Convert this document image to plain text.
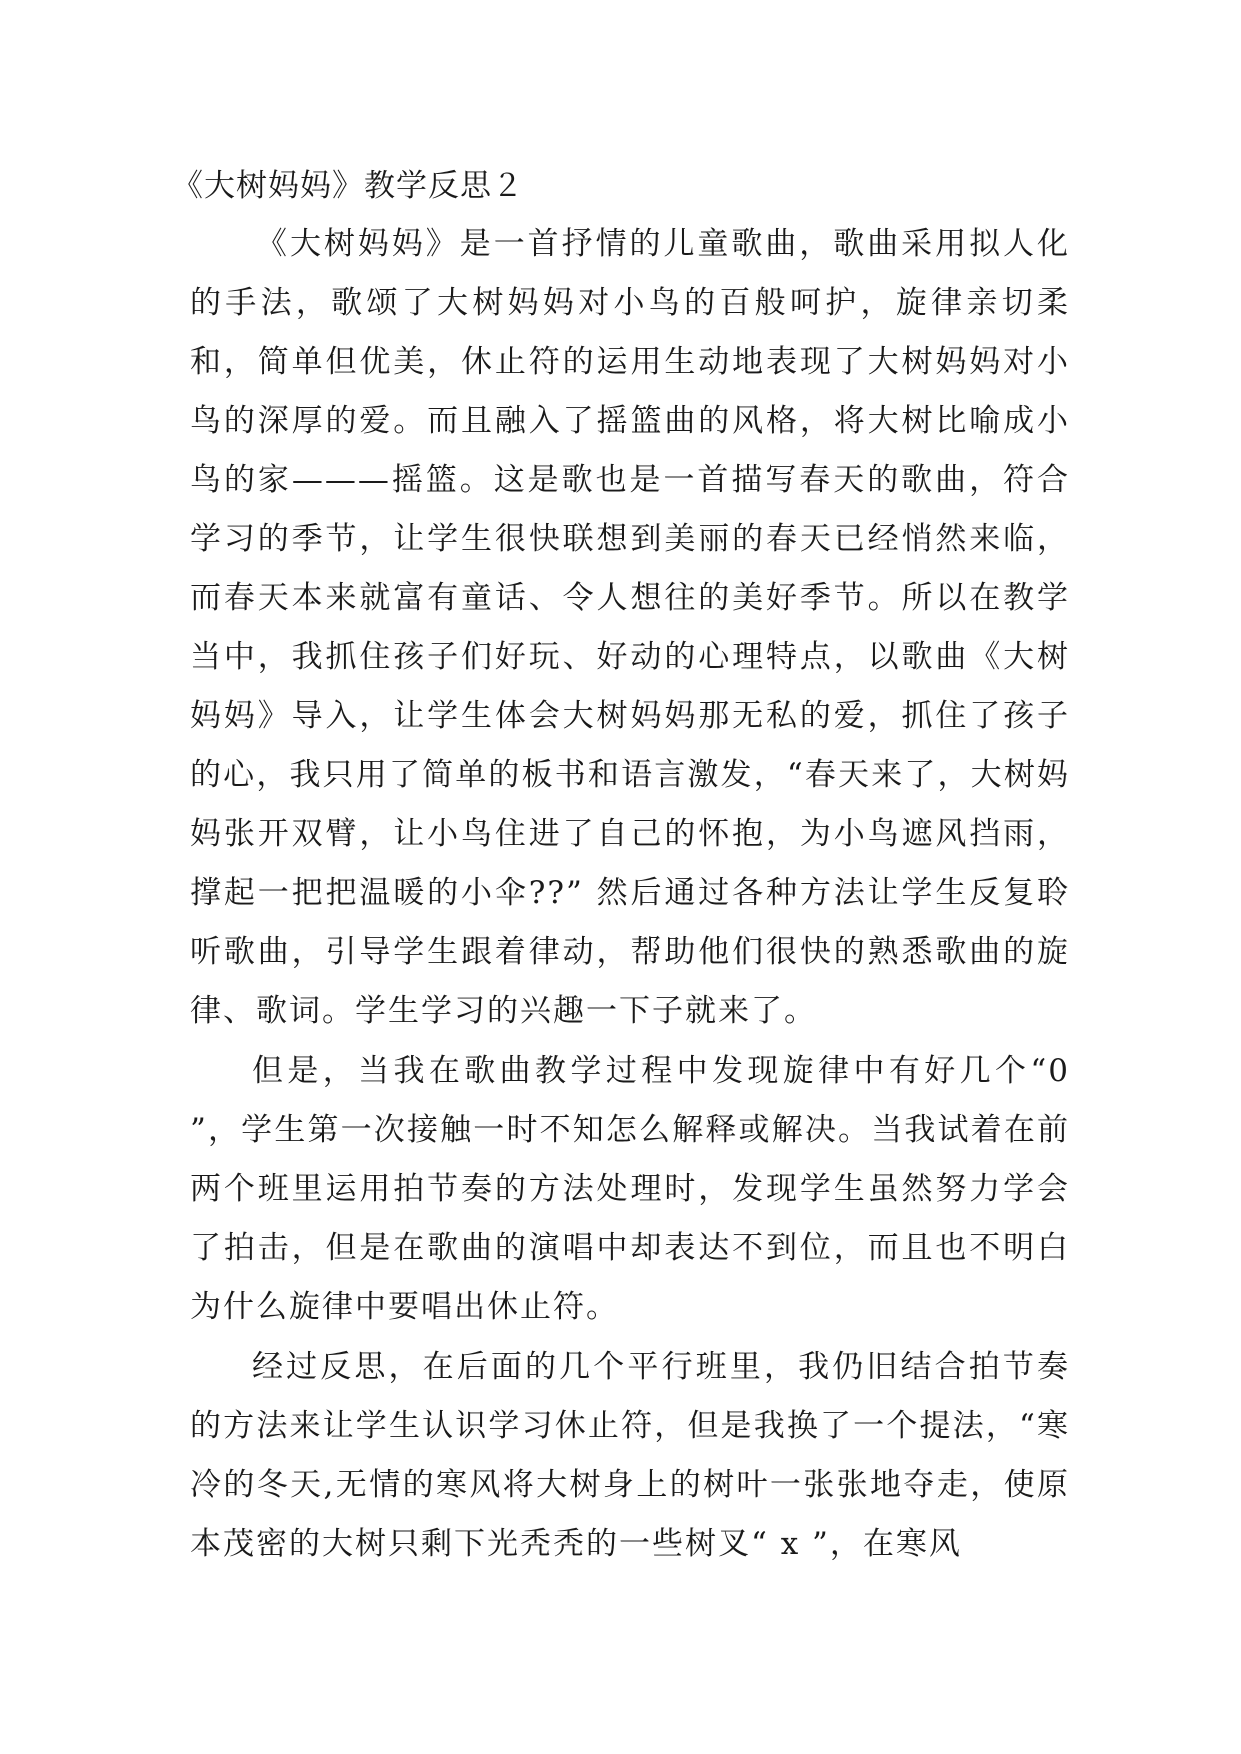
《大树妈妈》教学反思２

《大树妈妈》是一首抒情的儿童歌曲，歌曲采用拟人化的手法，歌颂了大树妈妈对小鸟的百般呵护，旋律亲切柔和，简单但优美，休止符的运用生动地表现了大树妈妈对小鸟的深厚的爱。而且融入了摇篮曲的风格，将大树比喻成小鸟的家———摇篮。这是歌也是一首描写春天的歌曲，符合学习的季节，让学生很快联想到美丽的春天已经悄然来临，而春天本来就富有童话、令人想往的美好季节。所以在教学当中，我抓住孩子们好玩、好动的心理特点，以歌曲《大树妈妈》导入，让学生体会大树妈妈那无私的爱，抓住了孩子的心，我只用了简单的板书和语言激发，“春天来了，大树妈妈张开双臂，让小鸟住进了自己的怀抱，为小鸟遮风挡雨，撑起一把把温暖的小伞??” 然后通过各种方法让学生反复聆听歌曲，引导学生跟着律动，帮助他们很快的熟悉歌曲的旋律、歌词。学生学习的兴趣一下子就来了。

但是，当我在歌曲教学过程中发现旋律中有好几个“0 ”，学生第一次接触一时不知怎么解释或解决。当我试着在前两个班里运用拍节奏的方法处理时，发现学生虽然努力学会了拍击，但是在歌曲的演唱中却表达不到位，而且也不明白为什么旋律中要唱出休止符。

经过反思，在后面的几个平行班里，我仍旧结合拍节奏的方法来让学生认识学习休止符，但是我换了一个提法，“寒冷的冬天,无情的寒风将大树身上的树叶一张张地夺走，使原本茂密的大树只剩下光秃秃的一些树叉“ x ”，在寒风
